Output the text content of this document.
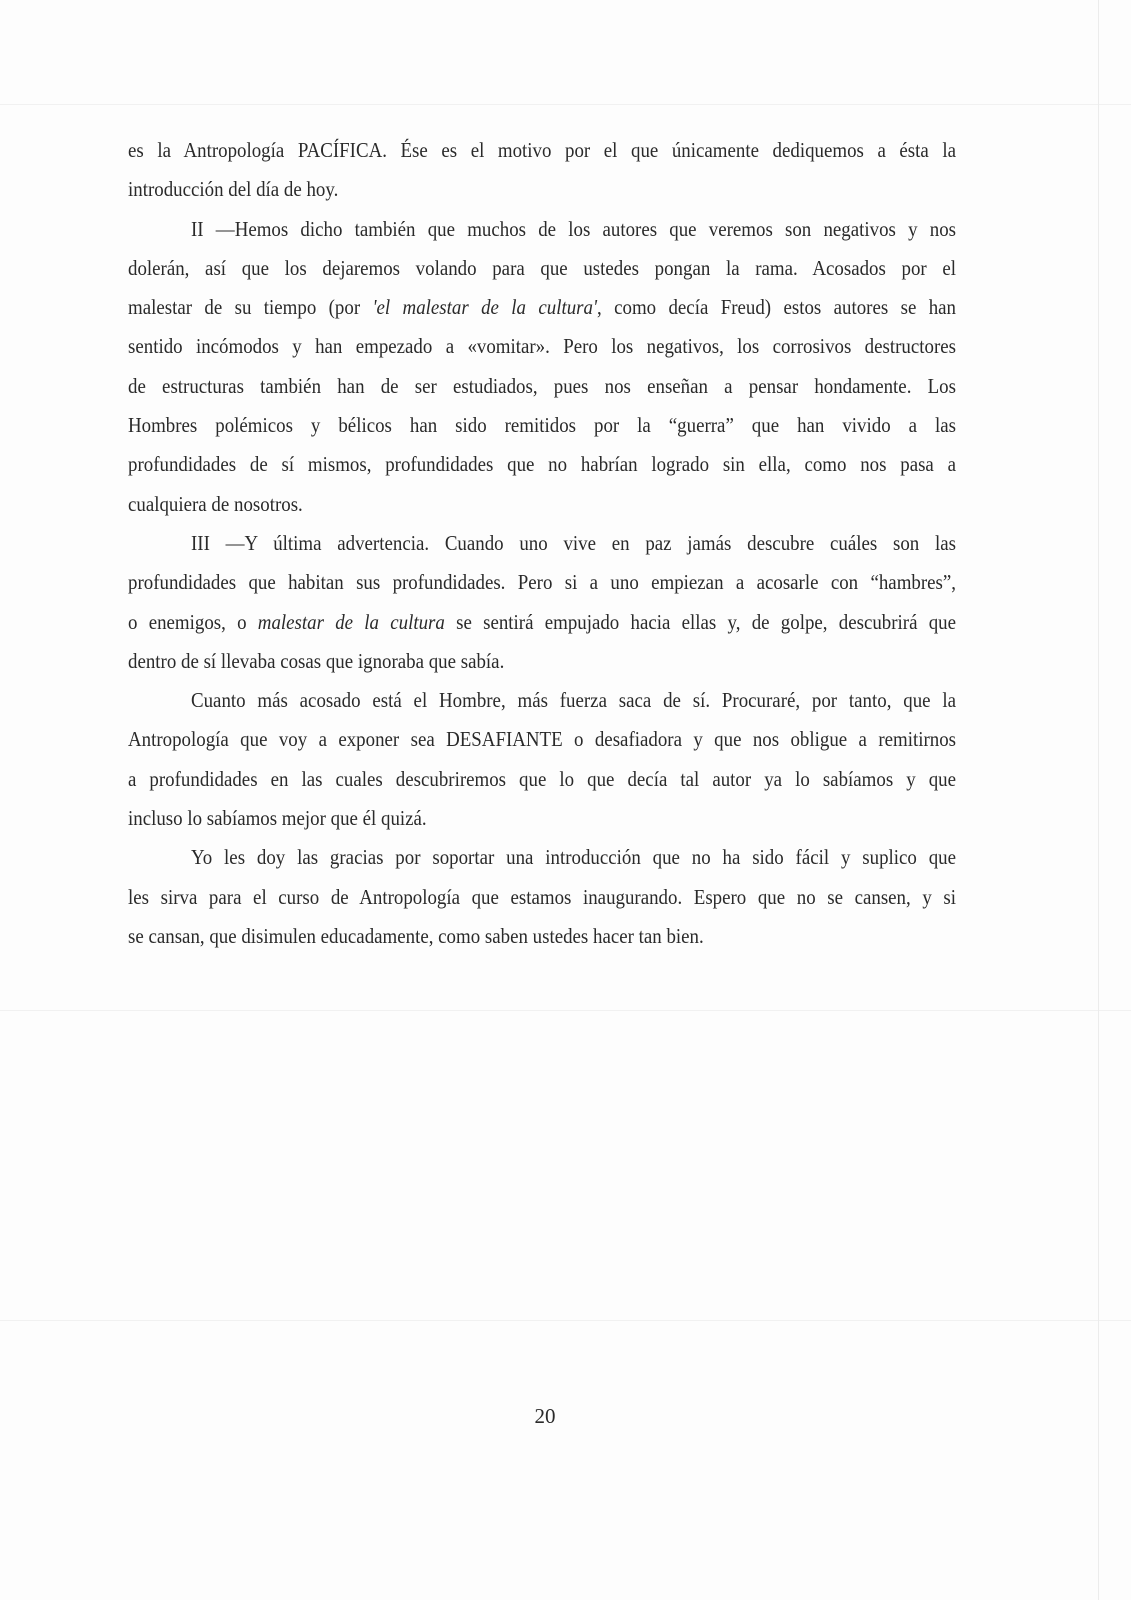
es la Antropología PACÍFICA. Ése es el motivo por el que únicamente dediquemos a ésta la
introducción del día de hoy.
II —Hemos dicho también que muchos de los autores que veremos son negativos y nos
dolerán, así que los dejaremos volando para que ustedes pongan la rama. Acosados por el
malestar de su tiempo (por 'el malestar de la cultura', como decía Freud) estos autores se han
sentido incómodos y han empezado a «vomitar». Pero los negativos, los corrosivos destructores
de estructuras también han de ser estudiados, pues nos enseñan a pensar hondamente. Los
Hombres polémicos y bélicos han sido remitidos por la “guerra” que han vivido a las
profundidades de sí mismos, profundidades que no habrían logrado sin ella, como nos pasa a
cualquiera de nosotros.
III —Y última advertencia. Cuando uno vive en paz jamás descubre cuáles son las
profundidades que habitan sus profundidades. Pero si a uno empiezan a acosarle con “hambres”,
o enemigos, o malestar de la cultura se sentirá empujado hacia ellas y, de golpe, descubrirá que
dentro de sí llevaba cosas que ignoraba que sabía.
Cuanto más acosado está el Hombre, más fuerza saca de sí. Procuraré, por tanto, que la
Antropología que voy a exponer sea DESAFIANTE o desafiadora y que nos obligue a remitirnos
a profundidades en las cuales descubriremos que lo que decía tal autor ya lo sabíamos y que
incluso lo sabíamos mejor que él quizá.
Yo les doy las gracias por soportar una introducción que no ha sido fácil y suplico que
les sirva para el curso de Antropología que estamos inaugurando. Espero que no se cansen, y si
se cansan, que disimulen educadamente, como saben ustedes hacer tan bien.
20
